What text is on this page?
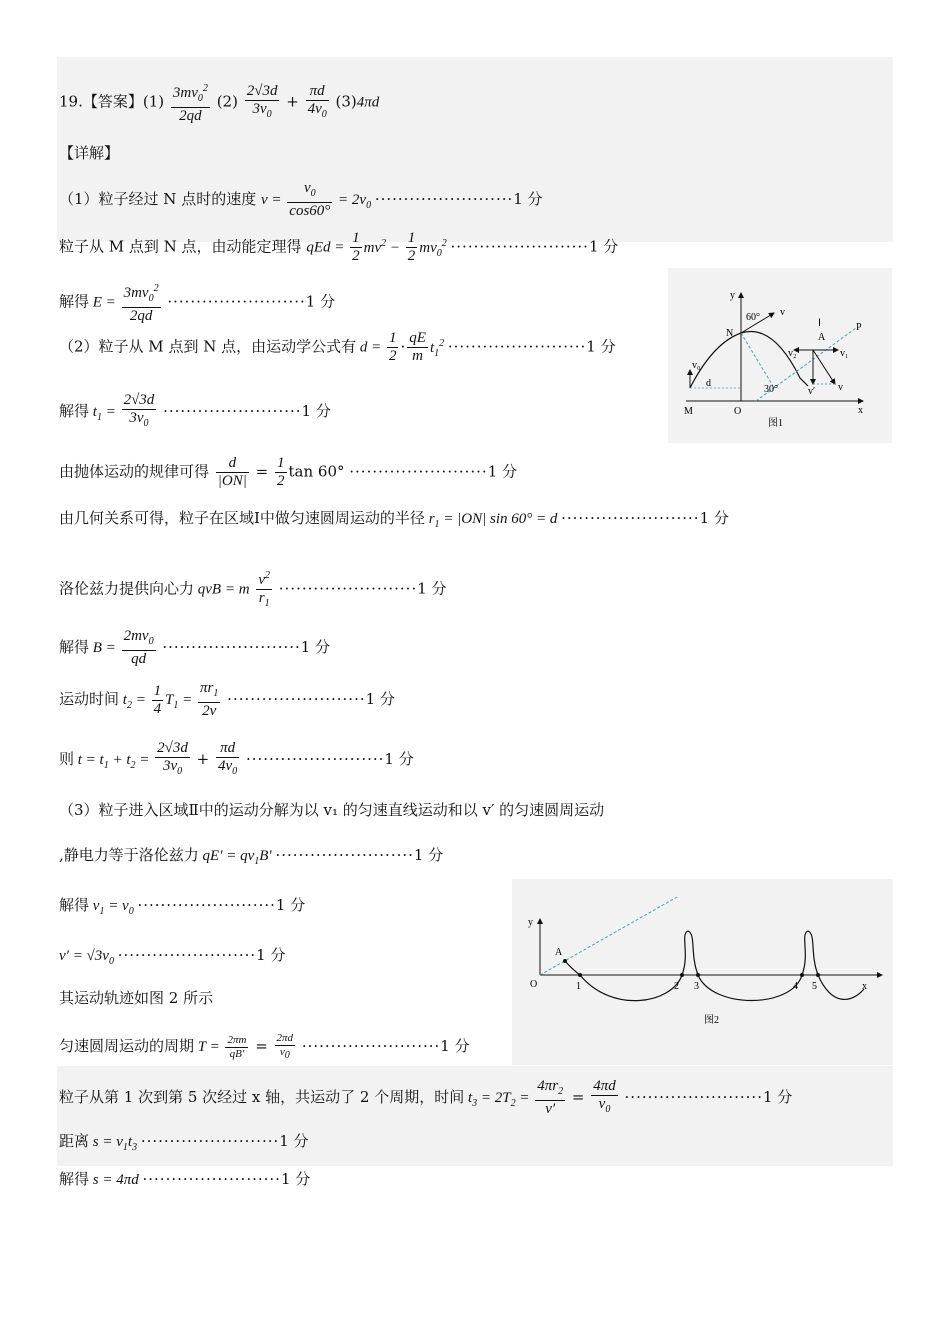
19.【答案】$(1) \frac{3mv_0^2}{2qd} (2) \frac{2√3d}{3v_0} + \frac{\pi d}{4v_0} (3)4\pi d$
【详解】
（1）粒子经过 N 点时的速度 $v = \frac{v_0}{\cos 60^\circ} = 2v_0 \cdot\cdot\cdot\cdot\cdot\cdot\cdot\cdot\cdot\cdot\cdot\cdot\cdot\cdot\cdot\cdot\cdot\cdot\cdot\cdot\cdot\cdot\cdot\cdot 1$ 分
粒子从 M 点到 N 点，由动能定理得 qEd = $\frac{1}{2} mv^2 - \frac{1}{2} mv_0^2 \cdot\cdot\cdot\cdot\cdot\cdot\cdot\cdot\cdot\cdot\cdot\cdot\cdot\cdot\cdot\cdot\cdot\cdot\cdot\cdot\cdot\cdot\cdot\cdot 1$ 分
解得 $E = \frac{3mv_0^2}{2qd} \cdot\cdot\cdot\cdot\cdot\cdot\cdot\cdot\cdot\cdot\cdot\cdot\cdot\cdot\cdot\cdot\cdot\cdot\cdot\cdot\cdot\cdot\cdot\cdot 1$ 分
（2）粒子从 M 点到 N 点，由运动学公式有 $d = \frac{1}{2} \cdot \frac{qE}{m} t_1^2 \cdot\cdot\cdot\cdot\cdot\cdot\cdot\cdot\cdot\cdot\cdot\cdot\cdot\cdot\cdot\cdot\cdot\cdot\cdot\cdot\cdot\cdot\cdot\cdot 1$ 分
解得 $t_1 = \frac{2√3d}{3v_0} \cdot\cdot\cdot\cdot\cdot\cdot\cdot\cdot\cdot\cdot\cdot\cdot\cdot\cdot\cdot\cdot\cdot\cdot\cdot\cdot\cdot\cdot\cdot\cdot 1$ 分
由抛体运动的规律可得 $\frac{d}{|ON|} = \frac{1}{2}$ tan 60° ························1 分
由几何关系可得，粒子在区域Ⅰ中做匀速圆周运动的半径 $r_1 = |ON|$ sin 60° = d ························1 分
洛伦兹力提供向心力 qvB = m $\frac{v^2}{r_1} \cdot\cdot\cdot\cdot\cdot\cdot\cdot\cdot\cdot\cdot\cdot\cdot\cdot\cdot\cdot\cdot\cdot\cdot\cdot\cdot\cdot\cdot\cdot\cdot 1$ 分
解得 $B = \frac{2mv_0}{qd} \cdot\cdot\cdot\cdot\cdot\cdot\cdot\cdot\cdot\cdot\cdot\cdot\cdot\cdot\cdot\cdot\cdot\cdot\cdot\cdot\cdot\cdot\cdot\cdot 1$ 分
运动时间 $t_2 = \frac{1}{4} T_1 = \frac{\pi r_1}{2v} \cdot\cdot\cdot\cdot\cdot\cdot\cdot\cdot\cdot\cdot\cdot\cdot\cdot\cdot\cdot\cdot\cdot\cdot\cdot\cdot\cdot\cdot\cdot\cdot 1$ 分
则 $t = t_1 + t_2 = \frac{2√3d}{3v_0} + \frac{\pi d}{4v_0} \cdot\cdot\cdot\cdot\cdot\cdot\cdot\cdot\cdot\cdot\cdot\cdot\cdot\cdot\cdot\cdot\cdot\cdot\cdot\cdot\cdot\cdot\cdot\cdot 1$ 分
（3）粒子进入区域Ⅱ中的运动分解为以 v₁ 的匀速直线运动和以 v′ 的匀速圆周运动
,静电力等于洛伦兹力 $qE' = qv_1B' \cdot\cdot\cdot\cdot\cdot\cdot\cdot\cdot\cdot\cdot\cdot\cdot\cdot\cdot\cdot\cdot\cdot\cdot\cdot\cdot\cdot\cdot\cdot\cdot 1$ 分
解得 $v_1 = v_0 \cdot\cdot\cdot\cdot\cdot\cdot\cdot\cdot\cdot\cdot\cdot\cdot\cdot\cdot\cdot\cdot\cdot\cdot\cdot\cdot\cdot\cdot\cdot\cdot 1$ 分
$v' = √3v_0 \cdot\cdot\cdot\cdot\cdot\cdot\cdot\cdot\cdot\cdot\cdot\cdot\cdot\cdot\cdot\cdot\cdot\cdot\cdot\cdot\cdot\cdot\cdot\cdot 1$ 分
其运动轨迹如图 2 所示
匀速圆周运动的周期 $T = \frac{2\pi m}{qB'} = \frac{2\pi d}{v_0} \cdot\cdot\cdot\cdot\cdot\cdot\cdot\cdot\cdot\cdot\cdot\cdot\cdot\cdot\cdot\cdot\cdot\cdot\cdot\cdot\cdot\cdot\cdot\cdot 1$ 分
粒子从第 1 次到第 5 次经过 x 轴，共运动了 2 个周期，时间 $t_3 = 2T_2 = \frac{4\pi r_2}{v'} = \frac{4\pi d}{v_0} \cdot\cdot\cdot\cdot\cdot\cdot\cdot\cdot\cdot\cdot\cdot\cdot\cdot\cdot\cdot\cdot\cdot\cdot\cdot\cdot\cdot\cdot\cdot\cdot 1$ 分
距离 $s = v_1t_3 \cdot\cdot\cdot\cdot\cdot\cdot\cdot\cdot\cdot\cdot\cdot\cdot\cdot\cdot\cdot\cdot\cdot\cdot\cdot\cdot\cdot\cdot\cdot\cdot 1$ 分
解得 s = 4πd ························1 分
y
x
N
O
M
P
A
Ⅰ
d
v₀
v
v₁
v₂
v′ v
60°
30°
图1
y
x
O
A
1	2 3	4 5
图2
